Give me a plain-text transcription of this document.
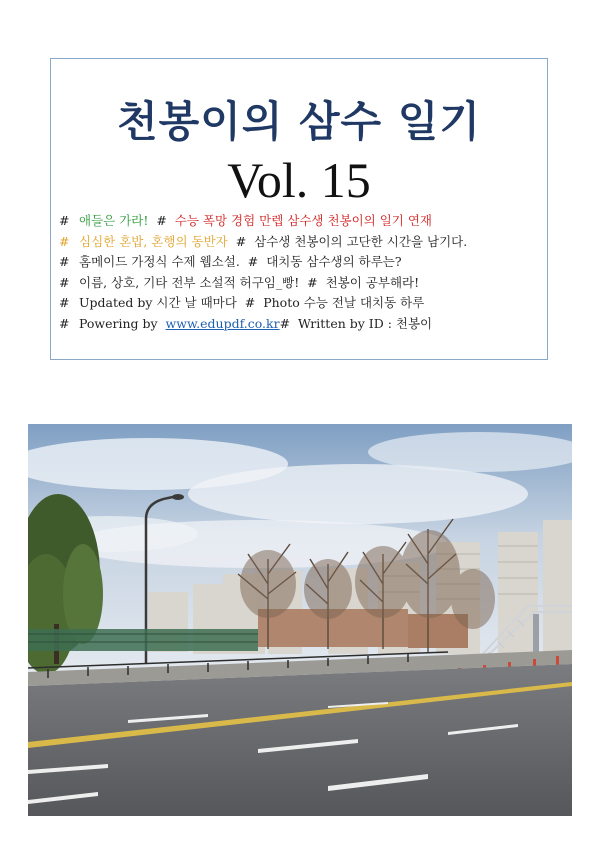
천봉이의 삼수 일기
Vol. 15
# 애들은 가라! # 수능 폭망 경험 만렙 삼수생 천봉이의 일기 연재
# 심심한 혼밥, 혼행의 동반자 # 삼수생 천봉이의 고단한 시간을 남기다.
# 홈메이드 가정식 수제 웹소설. # 대치동 삼수생의 하루는?
# 이름, 상호, 기타 전부 소설적 허구임_빵! # 천봉이 공부해라!
# Updated by 시간 날 때마다 # Photo 수능 전날 대치동 하루
# Powering by www.edupdf.co.kr# Written by ID : 천봉이
